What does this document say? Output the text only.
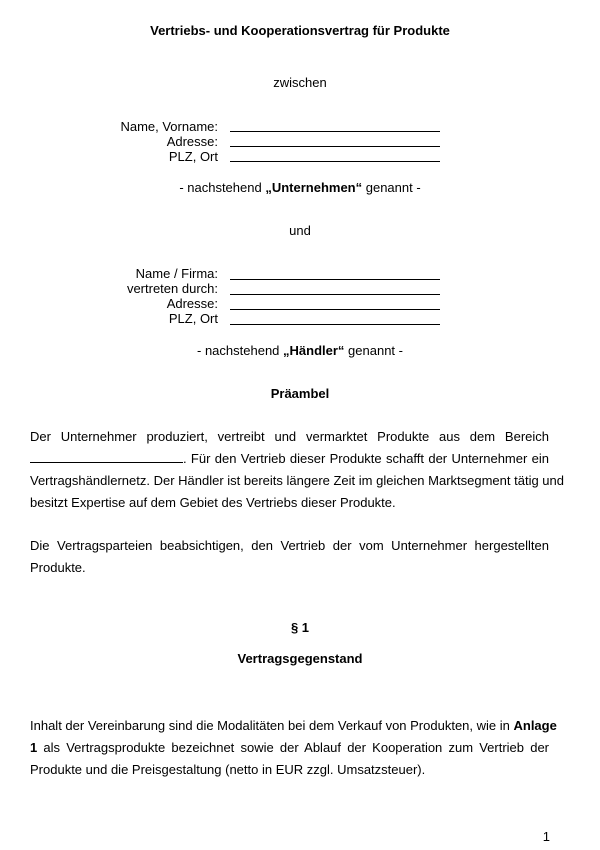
Vertriebs- und Kooperationsvertrag für Produkte
zwischen
Name, Vorname:
Adresse:
PLZ, Ort
- nachstehend „Unternehmen“ genannt -
und
Name / Firma:
vertreten durch:
Adresse:
PLZ, Ort
- nachstehend „Händler“ genannt -
Präambel
Der Unternehmer produziert, vertreibt und vermarktet Produkte aus dem Bereich
. Für den Vertrieb dieser Produkte schafft der Unternehmer ein
Vertragshändlernetz. Der Händler ist bereits längere Zeit im gleichen Marktsegment tätig und
besitzt Expertise auf dem Gebiet des Vertriebs dieser Produkte.
Die Vertragsparteien beabsichtigen, den Vertrieb der vom Unternehmer hergestellten
Produkte.
§ 1
Vertragsgegenstand
Inhalt der Vereinbarung sind die Modalitäten bei dem Verkauf von Produkten, wie in Anlage
1 als Vertragsprodukte bezeichnet sowie der Ablauf der Kooperation zum Vertrieb der
Produkte und die Preisgestaltung (netto in EUR zzgl. Umsatzsteuer).
1
